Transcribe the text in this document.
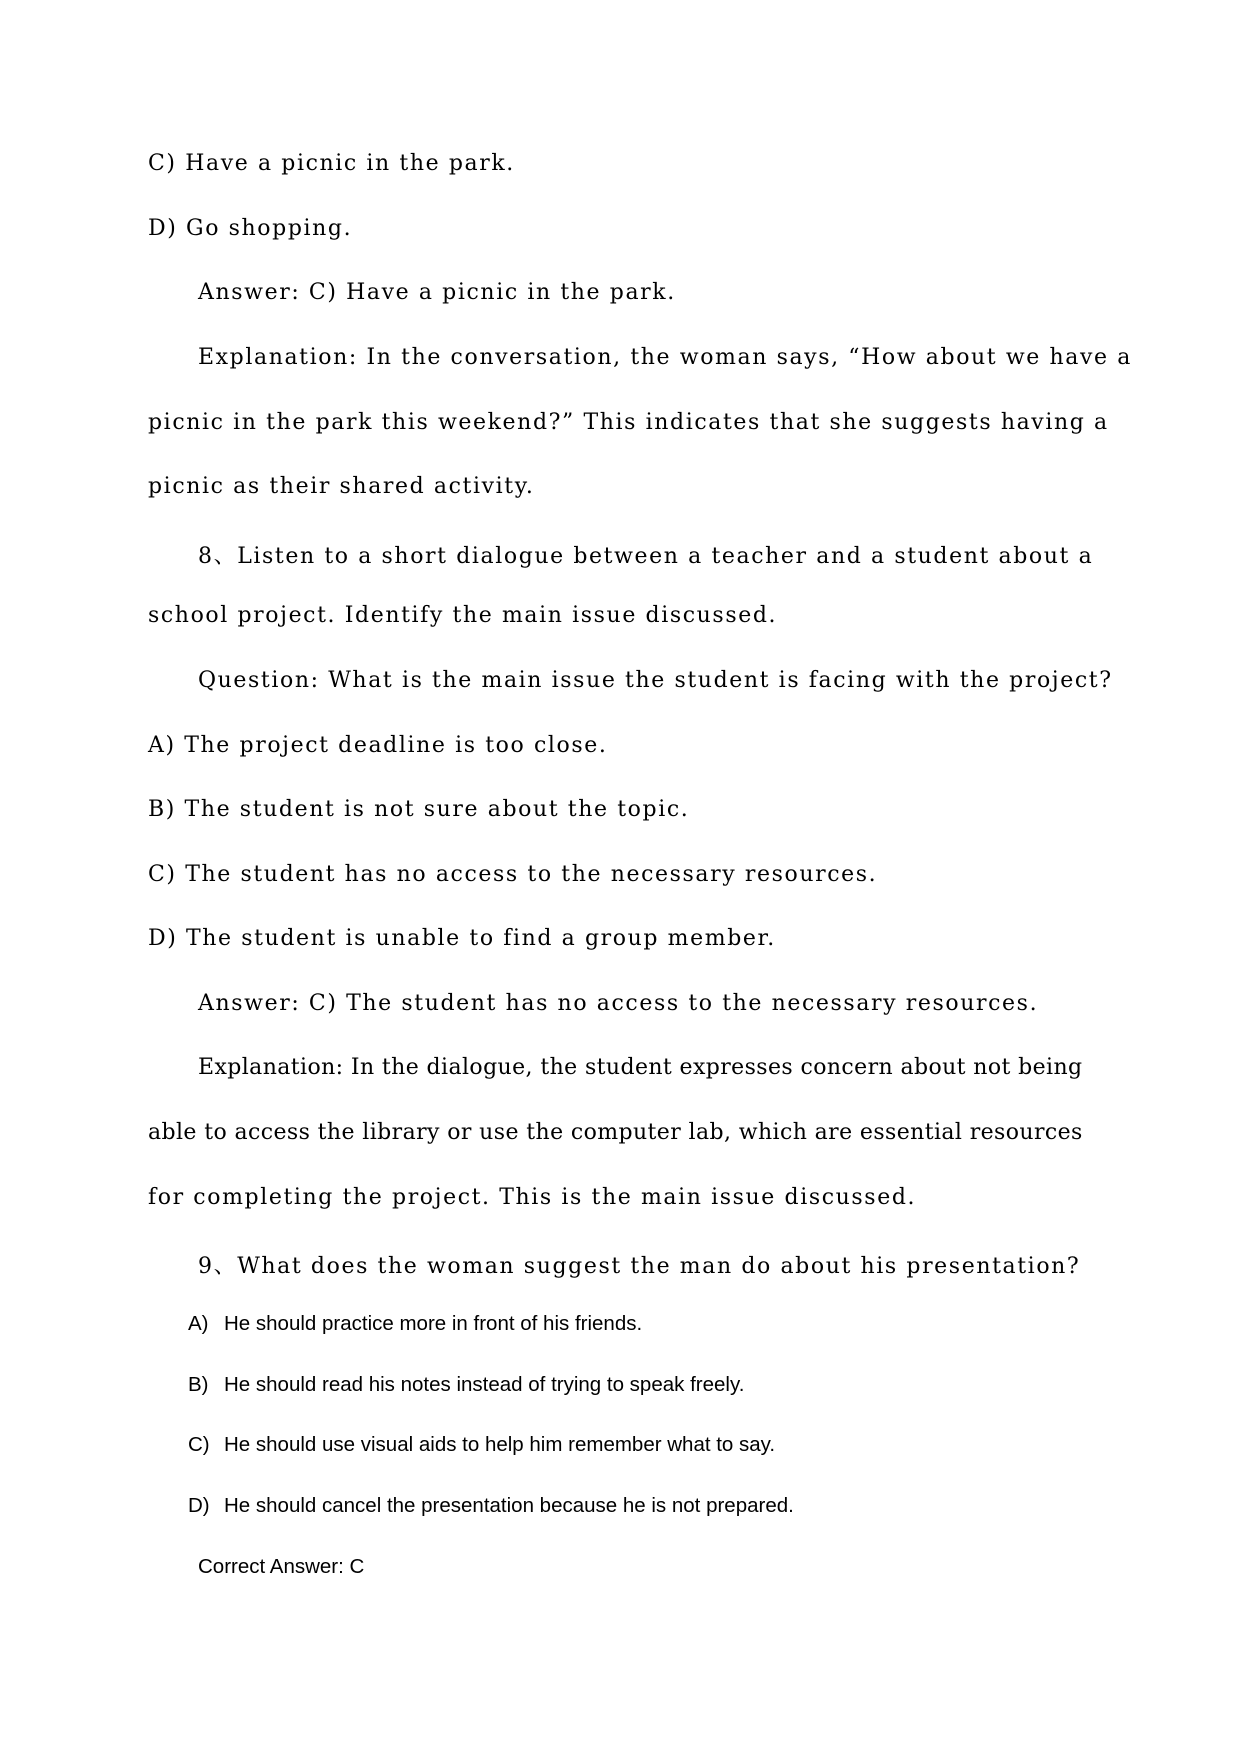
C) Have a picnic in the park.
D) Go shopping.
Answer: C) Have a picnic in the park.
Explanation: In the conversation, the woman says, “How about we have a
picnic in the park this weekend?” This indicates that she suggests having a
picnic as their shared activity.
8、Listen to a short dialogue between a teacher and a student about a
school project. Identify the main issue discussed.
Question: What is the main issue the student is facing with the project?
A) The project deadline is too close.
B) The student is not sure about the topic.
C) The student has no access to the necessary resources.
D) The student is unable to find a group member.
Answer: C) The student has no access to the necessary resources.
Explanation: In the dialogue, the student expresses concern about not being
able to access the library or use the computer lab, which are essential resources
for completing the project. This is the main issue discussed.
9、What does the woman suggest the man do about his presentation?
A) He should practice more in front of his friends.
B) He should read his notes instead of trying to speak freely.
C) He should use visual aids to help him remember what to say.
D) He should cancel the presentation because he is not prepared.
Correct Answer: C
